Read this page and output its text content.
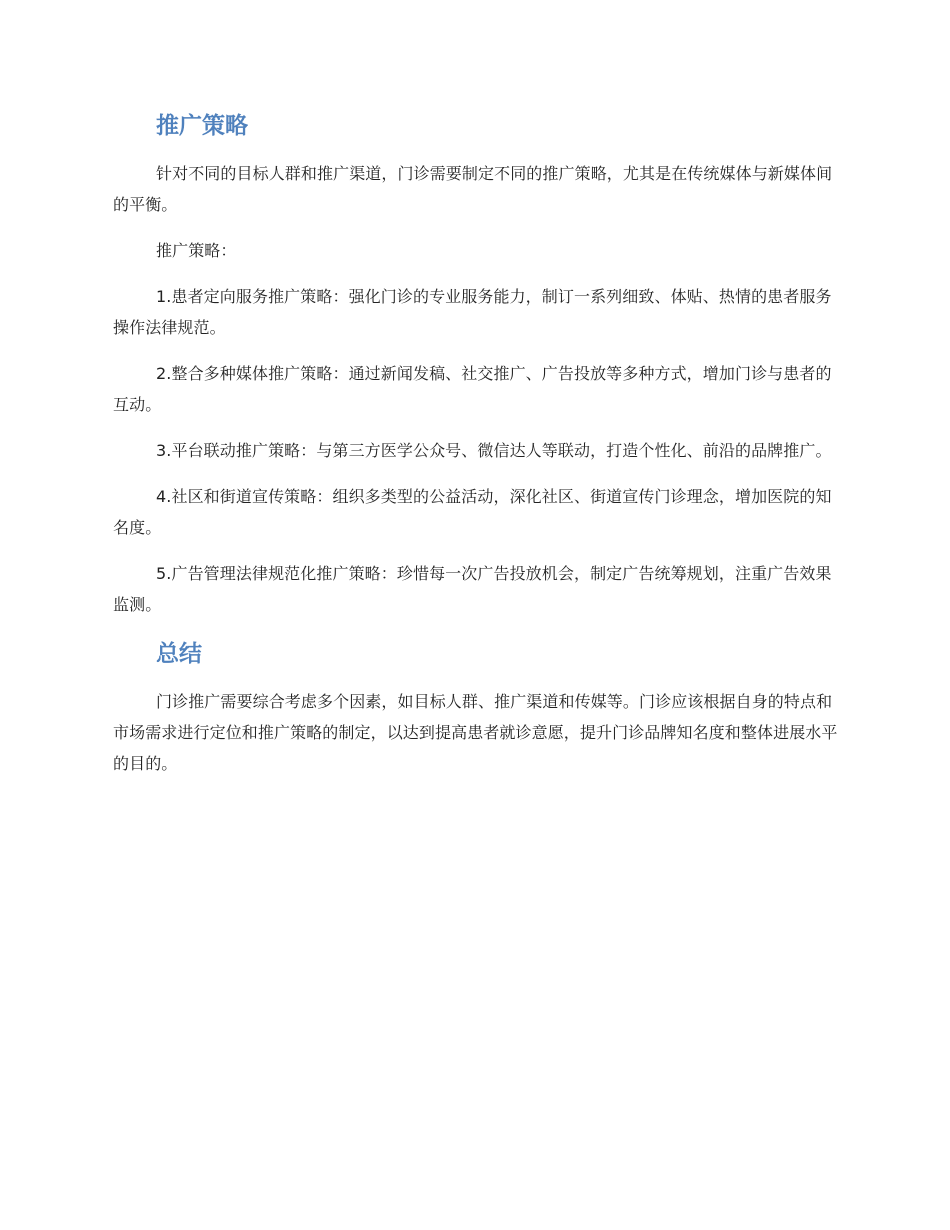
推广策略

针对不同的目标人群和推广渠道，门诊需要制定不同的推广策略，尤其是在传统媒体与新媒体间的平衡。

推广策略：

1.患者定向服务推广策略：强化门诊的专业服务能力，制订一系列细致、体贴、热情的患者服务操作法律规范。

2.整合多种媒体推广策略：通过新闻发稿、社交推广、广告投放等多种方式，增加门诊与患者的互动。

3.平台联动推广策略：与第三方医学公众号、微信达人等联动，打造个性化、前沿的品牌推广。

4.社区和街道宣传策略：组织多类型的公益活动，深化社区、街道宣传门诊理念，增加医院的知名度。

5.广告管理法律规范化推广策略：珍惜每一次广告投放机会，制定广告统筹规划，注重广告效果监测。

总结

门诊推广需要综合考虑多个因素，如目标人群、推广渠道和传媒等。门诊应该根据自身的特点和市场需求进行定位和推广策略的制定，以达到提高患者就诊意愿，提升门诊品牌知名度和整体进展水平的目的。
